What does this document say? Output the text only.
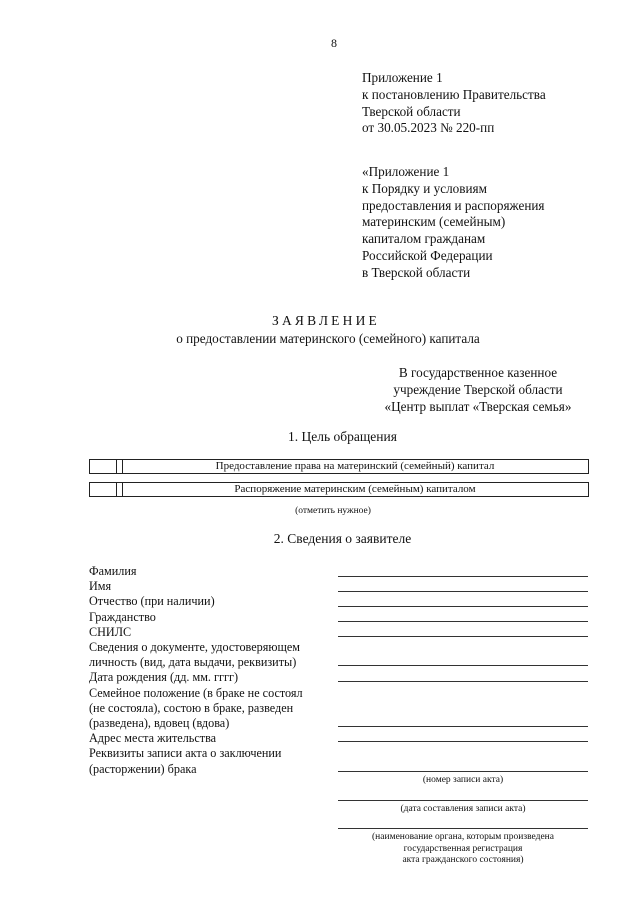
8
Приложение 1
к постановлению Правительства
Тверской области
от 30.05.2023 № 220-пп
«Приложение 1
к Порядку и условиям
предоставления и распоряжения
материнским (семейным)
капиталом гражданам
Российской Федерации
в Тверской области
ЗАЯВЛЕНИЕ
о предоставлении материнского (семейного) капитала
В государственное казенное
учреждение Тверской области
«Центр выплат «Тверская семья»
1. Цель обращения
Предоставление права на материнский (семейный) капитал
Распоряжение материнским (семейным) капиталом
(отметить нужное)
2. Сведения о заявителе
Фамилия
Имя
Отчество (при наличии)
Гражданство
СНИЛС
Сведения о документе, удостоверяющем
личность (вид, дата выдачи, реквизиты)
Дата рождения (дд. мм. гггг)
Семейное положение (в браке не состоял
(не состояла), состою в браке, разведен
(разведена), вдовец (вдова)
Адрес места жительства
Реквизиты записи акта о заключении
(расторжении) брака
(номер записи акта)
(дата составления записи акта)
(наименование органа, которым произведена
государственная регистрация
акта гражданского состояния)
